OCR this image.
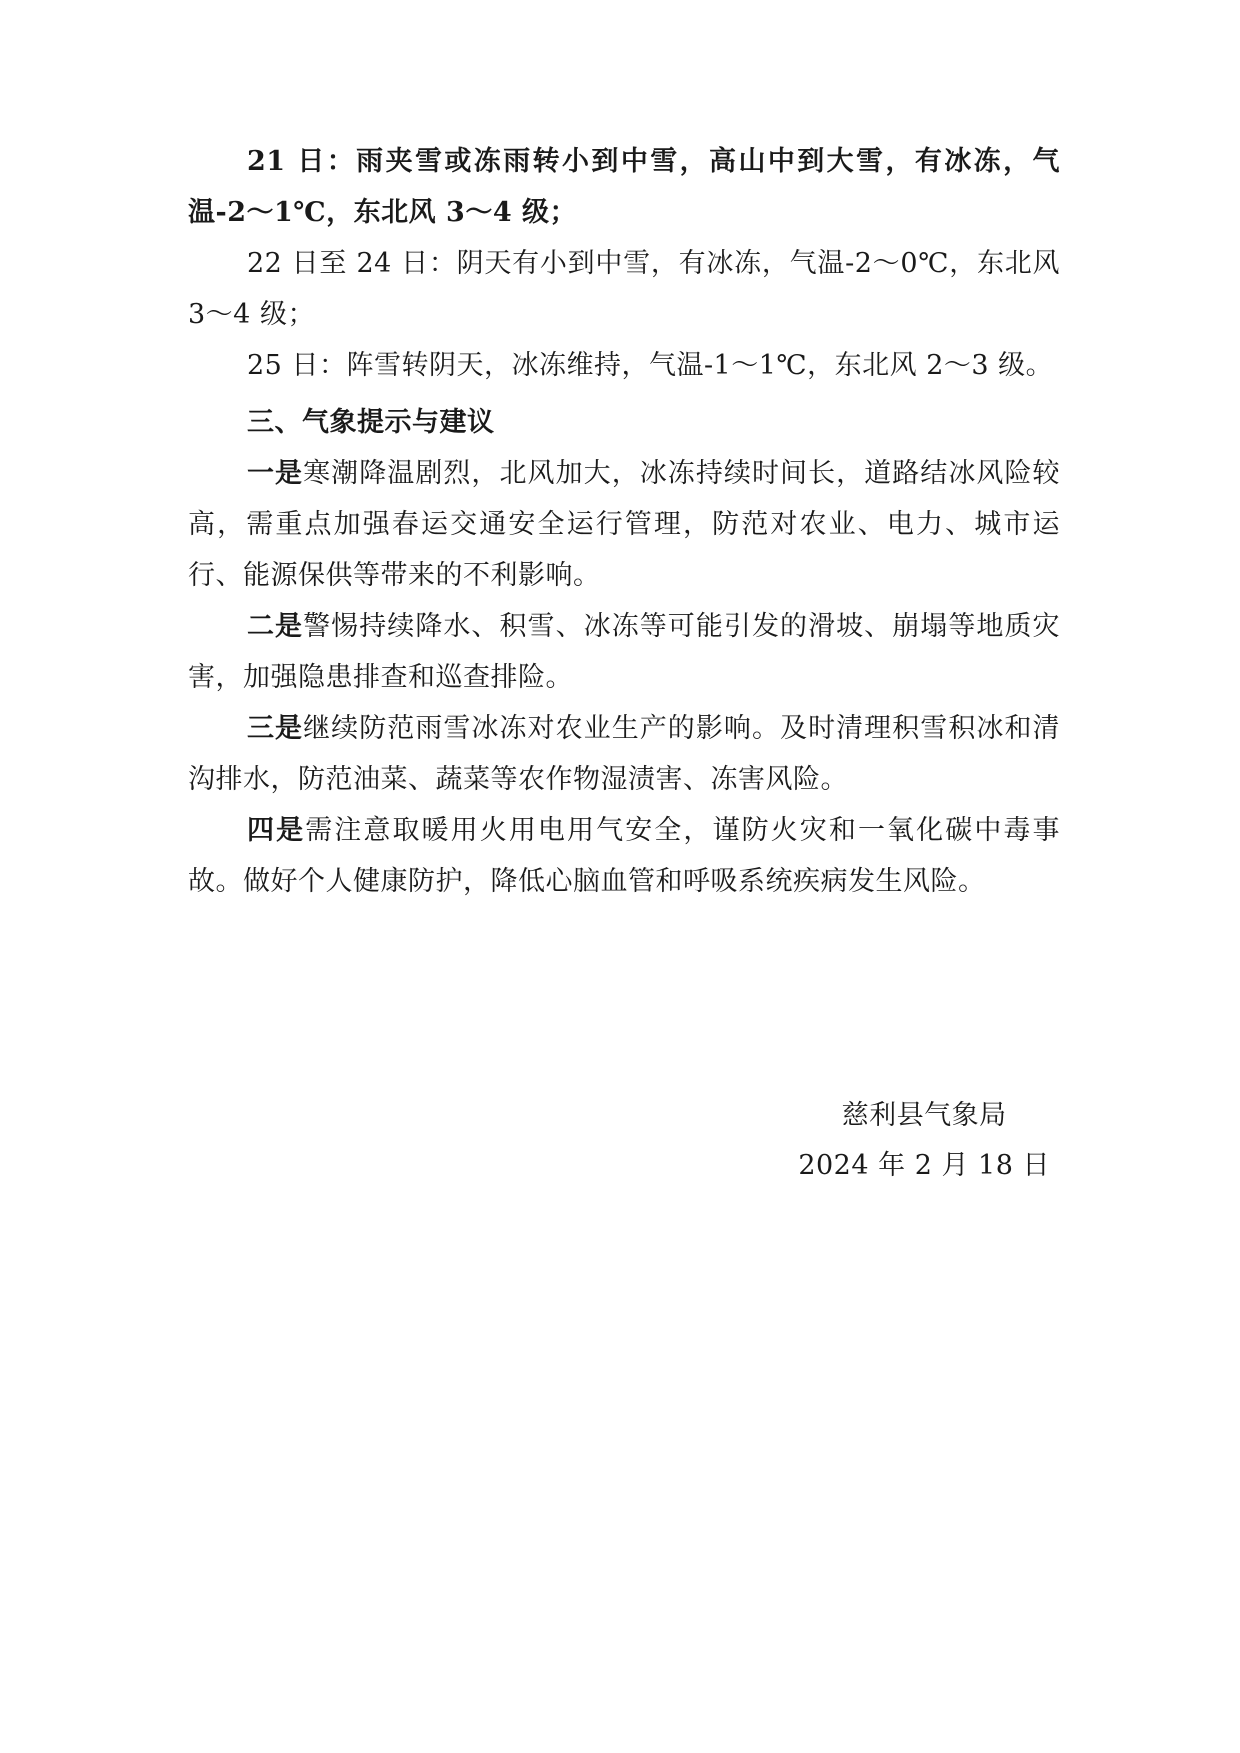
21 日：雨夹雪或冻雨转小到中雪，高山中到大雪，有冰冻，气温-2～1℃，东北风 3～4 级；

22 日至 24 日：阴天有小到中雪，有冰冻，气温-2～0℃，东北风 3～4 级；

25 日：阵雪转阴天，冰冻维持，气温-1～1℃，东北风 2～3 级。

三、气象提示与建议

一是寒潮降温剧烈，北风加大，冰冻持续时间长，道路结冰风险较高，需重点加强春运交通安全运行管理，防范对农业、电力、城市运行、能源保供等带来的不利影响。

二是警惕持续降水、积雪、冰冻等可能引发的滑坡、崩塌等地质灾害，加强隐患排查和巡查排险。

三是继续防范雨雪冰冻对农业生产的影响。及时清理积雪积冰和清沟排水，防范油菜、蔬菜等农作物湿渍害、冻害风险。

四是需注意取暖用火用电用气安全，谨防火灾和一氧化碳中毒事故。做好个人健康防护，降低心脑血管和呼吸系统疾病发生风险。

慈利县气象局
2024 年 2 月 18 日
